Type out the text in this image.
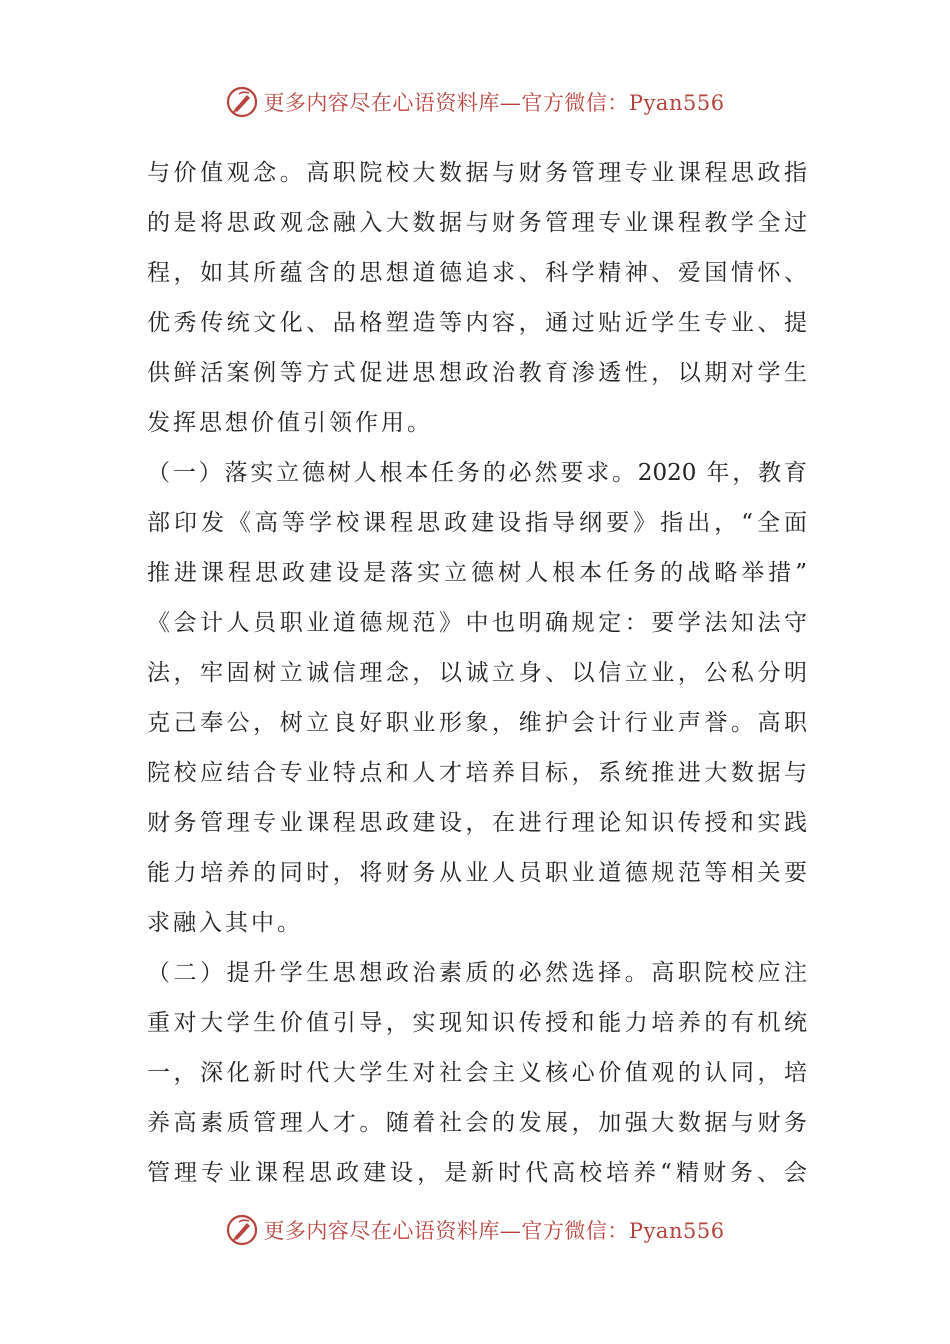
更多内容尽在心语资料库—官方微信：Pyan556
与价值观念。高职院校大数据与财务管理专业课程思政指
的是将思政观念融入大数据与财务管理专业课程教学全过
程，如其所蕴含的思想道德追求、科学精神、爱国情怀、
优秀传统文化、品格塑造等内容，通过贴近学生专业、提
供鲜活案例等方式促进思想政治教育渗透性，以期对学生
发挥思想价值引领作用。
（一）落实立德树人根本任务的必然要求。2020 年，教育
部印发《高等学校课程思政建设指导纲要》指出，“全面
推进课程思政建设是落实立德树人根本任务的战略举措”
《会计人员职业道德规范》中也明确规定：要学法知法守
法，牢固树立诚信理念，以诚立身、以信立业，公私分明
克己奉公，树立良好职业形象，维护会计行业声誉。高职
院校应结合专业特点和人才培养目标，系统推进大数据与
财务管理专业课程思政建设，在进行理论知识传授和实践
能力培养的同时，将财务从业人员职业道德规范等相关要
求融入其中。
（二）提升学生思想政治素质的必然选择。高职院校应注
重对大学生价值引导，实现知识传授和能力培养的有机统
一，深化新时代大学生对社会主义核心价值观的认同，培
养高素质管理人才。随着社会的发展，加强大数据与财务
管理专业课程思政建设，是新时代高校培养“精财务、会
更多内容尽在心语资料库—官方微信：Pyan556
